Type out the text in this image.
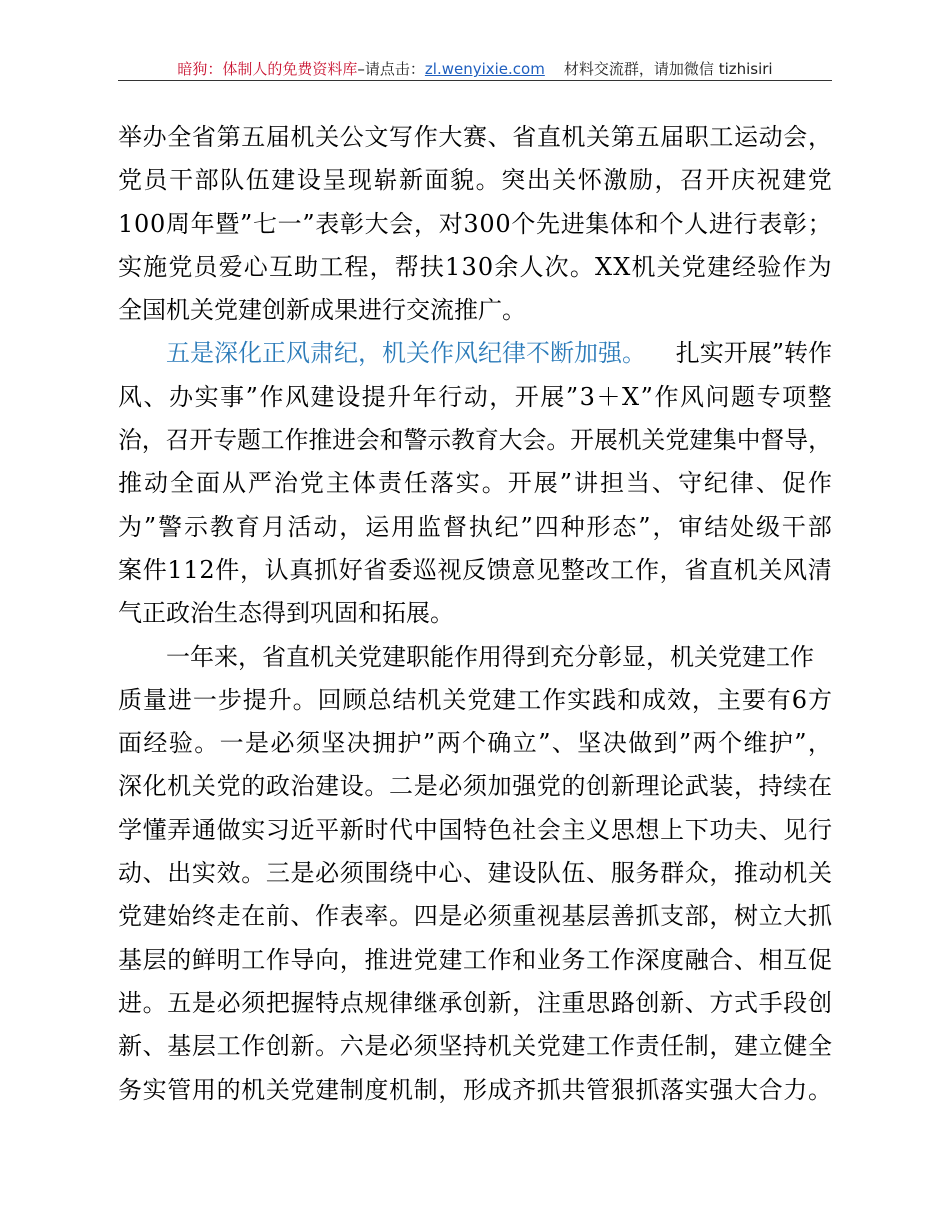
暗狗：体制人的免费资料库–请点击：zl.wenyixie.com 材料交流群，请加微信 tizhisiri
举 办 全 省 第 五 届 机 关 公 文 写 作 大 赛 、 省 直 机 关 第 五 届 职 工 运 动 会 ，
党 员 干 部 队 伍 建 设 呈 现 崭 新 面 貌 。 突 出 关 怀 激 励 ， 召 开 庆 祝 建 党
1 0 0 周 年 暨 ” 七 一 ” 表 彰 大 会 ， 对 3 0 0 个 先 进 集 体 和 个 人 进 行 表 彰 ；
实 施 党 员 爱 心 互 助 工 程 ， 帮 扶 1 3 0 余 人 次 。 X X 机 关 党 建 经 验 作 为
全国机关党建创新成果进行交流推广。
五是深化正风肃纪，机关作风纪律不断加强。 扎实开展”转作
风 、 办 实 事 ” 作 风 建 设 提 升 年 行 动 ， 开 展 ” 3 ＋ X ” 作 风 问 题 专 项 整
治 ， 召 开 专 题 工 作 推 进 会 和 警 示 教 育 大 会 。 开 展 机 关 党 建 集 中 督 导 ，
推 动 全 面 从 严 治 党 主 体 责 任 落 实 。 开 展 ” 讲 担 当 、 守 纪 律 、 促 作
为 ” 警 示 教 育 月 活 动 ， 运 用 监 督 执 纪 ” 四 种 形 态 ” ， 审 结 处 级 干 部
案 件 1 1 2 件 ， 认 真 抓 好 省 委 巡 视 反 馈 意 见 整 改 工 作 ， 省 直 机 关 风 清
气正政治生态得到巩固和拓展。
一年来，省直机关党建职能作用得到充分彰显，机关党建工作
质 量 进 一 步 提 升 。 回 顾 总 结 机 关 党 建 工 作 实 践 和 成 效 ， 主 要 有 6 方
面 经 验 。 一 是 必 须 坚 决 拥 护 ” 两 个 确 立 ” 、 坚 决 做 到 ” 两 个 维 护 ” ，
深 化 机 关 党 的 政 治 建 设 。 二 是 必 须 加 强 党 的 创 新 理 论 武 装 ， 持 续 在
学 懂 弄 通 做 实 习 近 平 新 时 代 中 国 特 色 社 会 主 义 思 想 上 下 功 夫 、 见 行
动 、 出 实 效 。 三 是 必 须 围 绕 中 心 、 建 设 队 伍 、 服 务 群 众 ， 推 动 机 关
党 建 始 终 走 在 前 、 作 表 率 。 四 是 必 须 重 视 基 层 善 抓 支 部 ， 树 立 大 抓
基 层 的 鲜 明 工 作 导 向 ， 推 进 党 建 工 作 和 业 务 工 作 深 度 融 合 、 相 互 促
进 。 五 是 必 须 把 握 特 点 规 律 继 承 创 新 ， 注 重 思 路 创 新 、 方 式 手 段 创
新 、 基 层 工 作 创 新 。 六 是 必 须 坚 持 机 关 党 建 工 作 责 任 制 ， 建 立 健 全
务 实 管 用 的 机 关 党 建 制 度 机 制 ， 形 成 齐 抓 共 管 狠 抓 落 实 强 大 合 力 。
